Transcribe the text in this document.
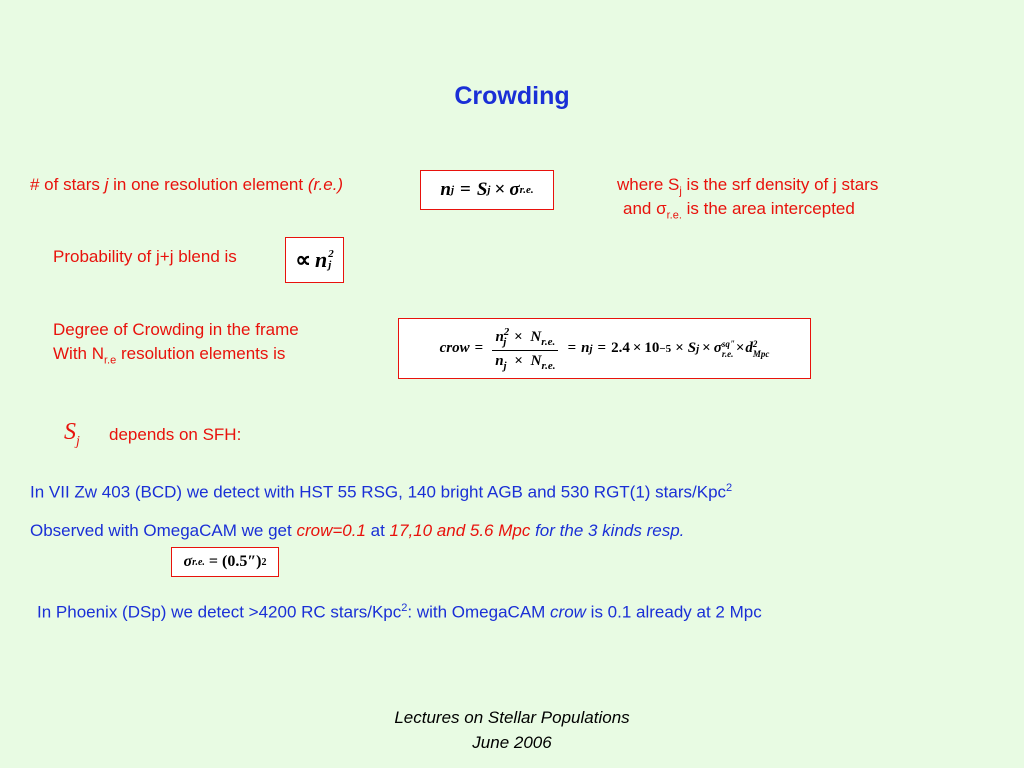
Crowding
# of stars j in one resolution element (r.e.)	n j = S j × σ r.e.	where $S_j$ is the srf density of j stars
and $\sigma_{r.e.}$ is the area intercepted
Probability of j+j blend is	∝ n 2
j
Degree of Crowding in the frame
With $N_{r.e}$ resolution elements is	crow = $\frac{n^2_j \times N_{r.e.}}{n_j \times N_{r.e.}} = n$ j = 2.4 × 10 −5 × S j × σ sq"
r.e. × d 2
Mpc
$S_j$ depends on SFH:
In VII Zw 403 (BCD) we detect with HST 55 RSG, 140 bright AGB and 530 RGT(1) stars/Kpc$^2$
Observed with OmegaCAM we get crow=0.1 at 17,10 and 5.6 Mpc for the 3 kinds resp.
σ r.e. = (0.5″) 2
In Phoenix (DSp) we detect >4200 RC stars/Kpc$^2$: with OmegaCAM crow is 0.1 already at 2 Mpc
Lectures on Stellar Populations
June 2006
